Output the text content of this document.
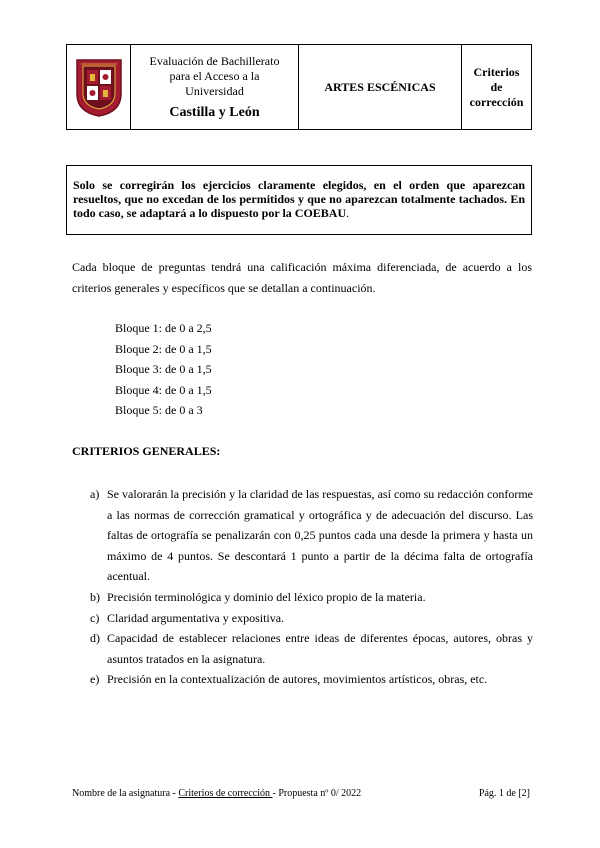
Evaluación de Bachillerato para el Acceso a la Universidad
Castilla y León
ARTES ESCÉNICAS
Criterios de corrección
Solo se corregirán los ejercicios claramente elegidos, en el orden que aparezcan resueltos, que no excedan de los permitidos y que no aparezcan totalmente tachados. En todo caso, se adaptará a lo dispuesto por la COEBAU.
Cada bloque de preguntas tendrá una calificación máxima diferenciada, de acuerdo a los criterios generales y específicos que se detallan a continuación.
Bloque 1: de 0 a 2,5
Bloque 2: de 0 a 1,5
Bloque 3: de 0 a 1,5
Bloque 4: de 0 a 1,5
Bloque 5: de 0 a 3
CRITERIOS GENERALES:
a) Se valorarán la precisión y la claridad de las respuestas, así como su redacción conforme a las normas de corrección gramatical y ortográfica y de adecuación del discurso. Las faltas de ortografía se penalizarán con 0,25 puntos cada una desde la primera y hasta un máximo de 4 puntos. Se descontará 1 punto a partir de la décima falta de ortografía acentual.
b) Precisión terminológica y dominio del léxico propio de la materia.
c) Claridad argumentativa y expositiva.
d) Capacidad de establecer relaciones entre ideas de diferentes épocas, autores, obras y asuntos tratados en la asignatura.
e) Precisión en la contextualización de autores, movimientos artísticos, obras, etc.
Nombre de la asignatura - Criterios de corrección - Propuesta nº 0/ 2022	Pág. 1 de [2]
